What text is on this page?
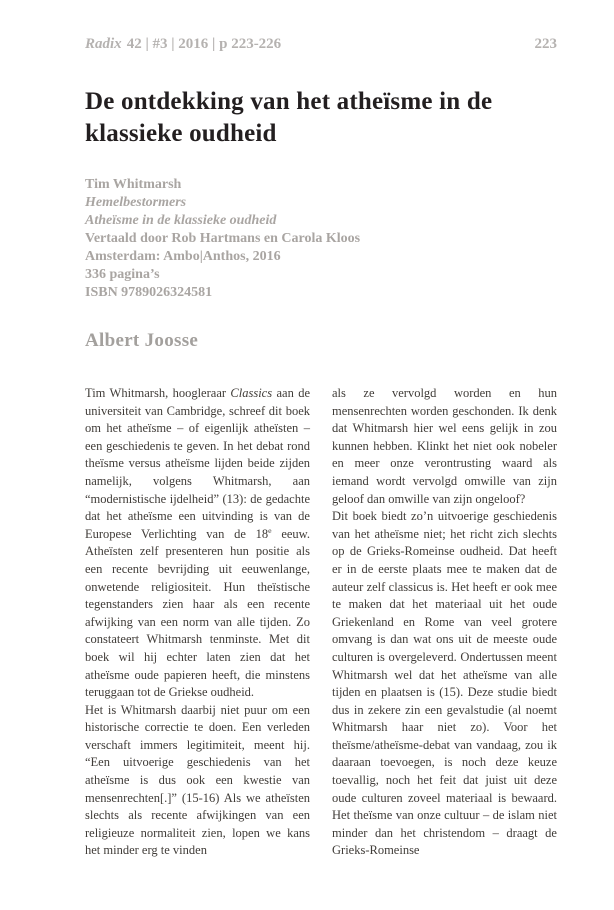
Radix 42 | #3 | 2016 | p 223-226	223
De ontdekking van het atheïsme in de klassieke oudheid
Tim Whitmarsh
Hemelbestormers
Atheïsme in de klassieke oudheid
Vertaald door Rob Hartmans en Carola Kloos
Amsterdam: Ambo|Anthos, 2016
336 pagina’s
ISBN 9789026324581
Albert Joosse

Tim Whitmarsh, hoogleraar Classics aan de universiteit van Cambridge, schreef dit boek om het atheïsme – of eigenlijk atheïsten – een geschiedenis te geven. In het debat rond theïsme versus atheïsme lijden beide zijden namelijk, volgens Whitmarsh, aan “modernistische ijdelheid” (13): de gedachte dat het atheïsme een uitvinding is van de Europese Verlichting van de 18e eeuw. Atheïsten zelf presenteren hun positie als een recente bevrijding uit eeuwenlange, onwetende religiositeit. Hun theïstische tegenstanders zien haar als een recente afwijking van een norm van alle tijden. Zo constateert Whitmarsh tenminste. Met dit boek wil hij echter laten zien dat het atheïsme oude papieren heeft, die minstens teruggaan tot de Griekse oudheid.

Het is Whitmarsh daarbij niet puur om een historische correctie te doen. Een verleden verschaft immers legitimiteit, meent hij. “Een uitvoerige geschiedenis van het atheïsme is dus ook een kwestie van mensenrechten[.]” (15-16) Als we atheïsten slechts als recente afwijkingen van een religieuze normaliteit zien, lopen we kans het minder erg te vinden

als ze vervolgd worden en hun mensenrechten worden geschonden. Ik denk dat Whitmarsh hier wel eens gelijk in zou kunnen hebben. Klinkt het niet ook nobeler en meer onze verontrusting waard als iemand wordt vervolgd omwille van zijn geloof dan omwille van zijn ongeloof?

Dit boek biedt zo’n uitvoerige geschiedenis van het atheïsme niet; het richt zich slechts op de Grieks-Romeinse oudheid. Dat heeft er in de eerste plaats mee te maken dat de auteur zelf classicus is. Het heeft er ook mee te maken dat het materiaal uit het oude Griekenland en Rome van veel grotere omvang is dan wat ons uit de meeste oude culturen is overgeleverd. Ondertussen meent Whitmarsh wel dat het atheïsme van alle tijden en plaatsen is (15). Deze studie biedt dus in zekere zin een gevalstudie (al noemt Whitmarsh haar niet zo). Voor het theïsme/atheïsme-debat van vandaag, zou ik daaraan toevoegen, is noch deze keuze toevallig, noch het feit dat juist uit deze oude culturen zoveel materiaal is bewaard. Het theïsme van onze cultuur – de islam niet minder dan het christendom – draagt de Grieks-Romeinse
